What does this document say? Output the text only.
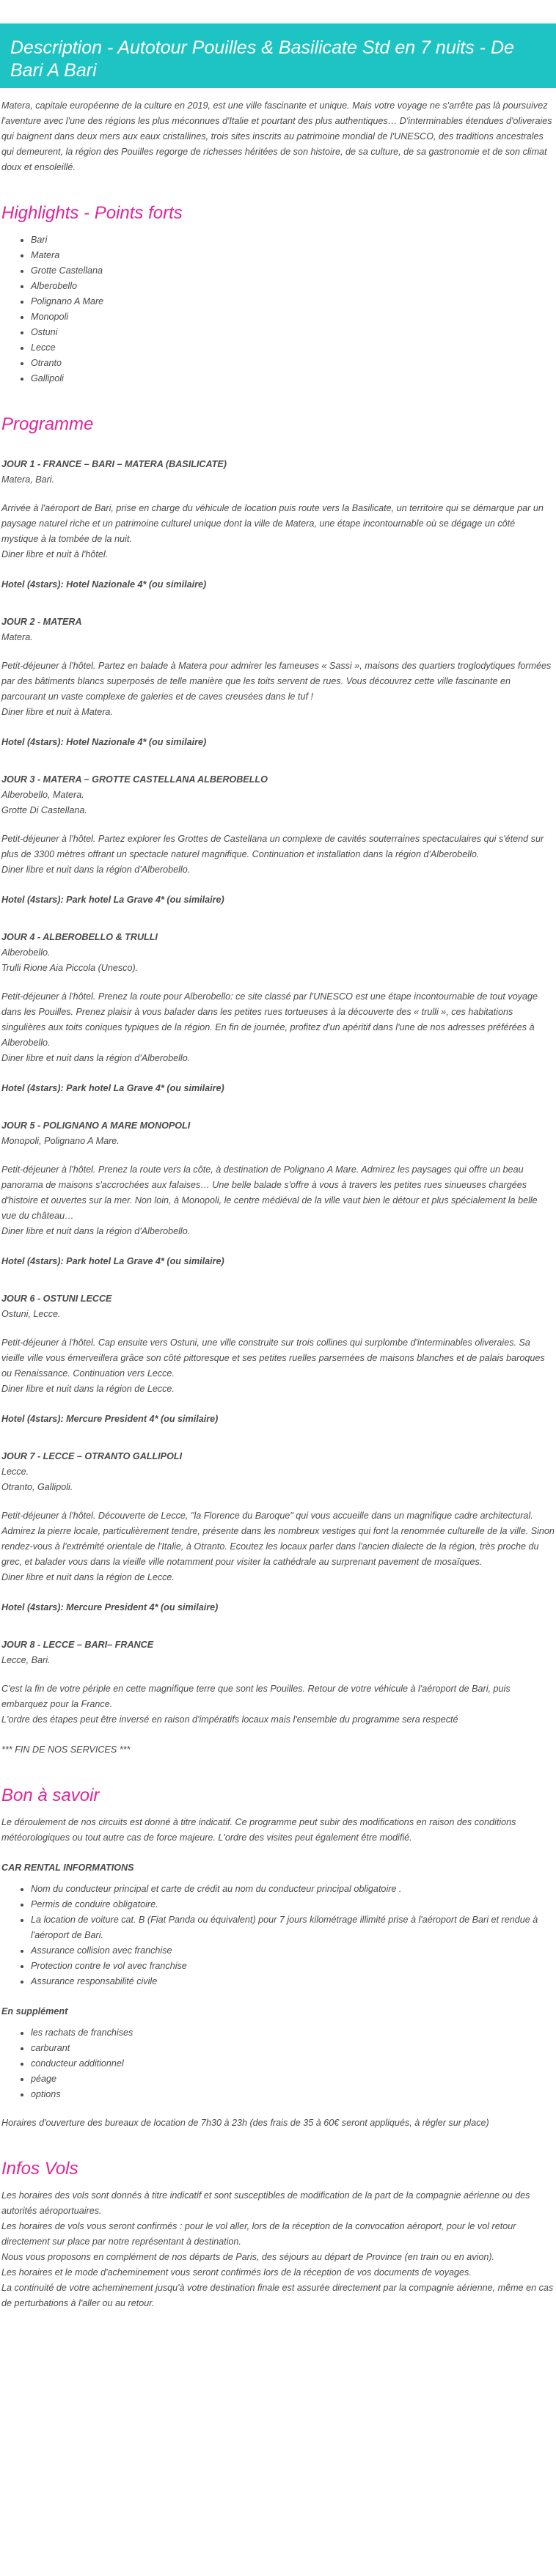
Description - Autotour Pouilles & Basilicate Std en 7 nuits - De Bari A Bari

Matera, capitale européenne de la culture en 2019, est une ville fascinante et unique. Mais votre voyage ne s'arrête pas là poursuivez l'aventure avec l'une des régions les plus méconnues d'Italie et pourtant des plus authentiques… D'interminables étendues d'oliveraies qui baignent dans deux mers aux eaux cristallines, trois sites inscrits au patrimoine mondial de l'UNESCO, des traditions ancestrales qui demeurent, la région des Pouilles regorge de richesses héritées de son histoire, de sa culture, de sa gastronomie et de son climat doux et ensoleillé.

Highlights - Points forts
• Bari
• Matera
• Grotte Castellana
• Alberobello
• Polignano A Mare
• Monopoli
• Ostuni
• Lecce
• Otranto
• Gallipoli
Programme

JOUR 1 - FRANCE – BARI – MATERA (BASILICATE)

Matera, Bari.

Arrivée à l'aéroport de Bari, prise en charge du véhicule de location puis route vers la Basilicate, un territoire qui se démarque par un paysage naturel riche et un patrimoine culturel unique dont la ville de Matera, une étape incontournable où se dégage un côté mystique à la tombée de la nuit.
Diner libre et nuit à l'hôtel.

Hotel (4stars): Hotel Nazionale 4* (ou similaire)

JOUR 2 - MATERA

Matera.

Petit-déjeuner à l'hôtel. Partez en balade à Matera pour admirer les fameuses « Sassi », maisons des quartiers troglodytiques formées par des bâtiments blancs superposés de telle manière que les toits servent de rues. Vous découvrez cette ville fascinante en parcourant un vaste complexe de galeries et de caves creusées dans le tuf !
Diner libre et nuit à Matera.

Hotel (4stars): Hotel Nazionale 4* (ou similaire)

JOUR 3 - MATERA – GROTTE CASTELLANA ALBEROBELLO

Alberobello, Matera.
Grotte Di Castellana.

Petit-déjeuner à l'hôtel. Partez explorer les Grottes de Castellana un complexe de cavités souterraines spectaculaires qui s'étend sur plus de 3300 mètres offrant un spectacle naturel magnifique. Continuation et installation dans la région d'Alberobello.
Diner libre et nuit dans la région d'Alberobello.

Hotel (4stars): Park hotel La Grave 4* (ou similaire)

JOUR 4 - ALBEROBELLO & TRULLI

Alberobello.
Trulli Rione Aia Piccola (Unesco).

Petit-déjeuner à l'hôtel. Prenez la route pour Alberobello: ce site classé par l'UNESCO est une étape incontournable de tout voyage dans les Pouilles. Prenez plaisir à vous balader dans les petites rues tortueuses à la découverte des « trulli », ces habitations singulières aux toits coniques typiques de la région. En fin de journée, profitez d'un apéritif dans l'une de nos adresses préférées à Alberobello.
Diner libre et nuit dans la région d'Alberobello.

Hotel (4stars): Park hotel La Grave 4* (ou similaire)

JOUR 5 - POLIGNANO A MARE MONOPOLI

Monopoli, Polignano A Mare.

Petit-déjeuner à l'hôtel. Prenez la route vers la côte, à destination de Polignano A Mare. Admirez les paysages qui offre un beau panorama de maisons s'accrochées aux falaises… Une belle balade s'offre à vous à travers les petites rues sinueuses chargées d'histoire et ouvertes sur la mer. Non loin, à Monopoli, le centre médiéval de la ville vaut bien le détour et plus spécialement la belle vue du château…
Diner libre et nuit dans la région d'Alberobello.

Hotel (4stars): Park hotel La Grave 4* (ou similaire)

JOUR 6 - OSTUNI LECCE

Ostuni, Lecce.

Petit-déjeuner à l'hôtel. Cap ensuite vers Ostuni, une ville construite sur trois collines qui surplombe d'interminables oliveraies. Sa vieille ville vous émerveillera grâce son côté pittoresque et ses petites ruelles parsemées de maisons blanches et de palais baroques ou Renaissance. Continuation vers Lecce.
Diner libre et nuit dans la région de Lecce.

Hotel (4stars): Mercure President 4* (ou similaire)

JOUR 7 - LECCE – OTRANTO GALLIPOLI

Lecce.
Otranto, Gallipoli.

Petit-déjeuner à l'hôtel. Découverte de Lecce, "la Florence du Baroque" qui vous accueille dans un magnifique cadre architectural. Admirez la pierre locale, particulièrement tendre, présente dans les nombreux vestiges qui font la renommée culturelle de la ville. Sinon rendez-vous à l'extrémité orientale de l'Italie, à Otranto. Ecoutez les locaux parler dans l'ancien dialecte de la région, très proche du grec, et balader vous dans la vieille ville notamment pour visiter la cathédrale au surprenant pavement de mosaïques.
Diner libre et nuit dans la région de Lecce.

Hotel (4stars): Mercure President 4* (ou similaire)

JOUR 8 - LECCE – BARI– FRANCE

Lecce, Bari.

C'est la fin de votre périple en cette magnifique terre que sont les Pouilles. Retour de votre véhicule à l'aéroport de Bari, puis embarquez pour la France.
L'ordre des étapes peut être inversé en raison d'impératifs locaux mais l'ensemble du programme sera respecté

*** FIN DE NOS SERVICES ***

Bon à savoir

Le déroulement de nos circuits est donné à titre indicatif. Ce programme peut subir des modifications en raison des conditions météorologiques ou tout autre cas de force majeure. L'ordre des visites peut également être modifié.

CAR RENTAL INFORMATIONS

• Nom du conducteur principal et carte de crédit au nom du conducteur principal obligatoire .
• Permis de conduire obligatoire.
• La location de voiture cat. B (Fiat Panda ou équivalent) pour 7 jours kilométrage illimité prise à l'aéroport de Bari et rendue à l'aéroport de Bari.
• Assurance collision avec franchise
• Protection contre le vol avec franchise
• Assurance responsabilité civile

En supplément

• les rachats de franchises
• carburant
• conducteur additionnel
• péage
• options

Horaires d'ouverture des bureaux de location de 7h30 à 23h (des frais de 35 à 60€ seront appliqués, à régler sur place)

Infos Vols

Les horaires des vols sont donnés à titre indicatif et sont susceptibles de modification de la part de la compagnie aérienne ou des autorités aéroportuaires.
Les horaires de vols vous seront confirmés : pour le vol aller, lors de la réception de la convocation aéroport, pour le vol retour directement sur place par notre représentant à destination.
Nous vous proposons en complément de nos départs de Paris, des séjours au départ de Province (en train ou en avion).
Les horaires et le mode d'acheminement vous seront confirmés lors de la réception de vos documents de voyages.
La continuité de votre acheminement jusqu'à votre destination finale est assurée directement par la compagnie aérienne, même en cas de perturbations à l'aller ou au retour.
